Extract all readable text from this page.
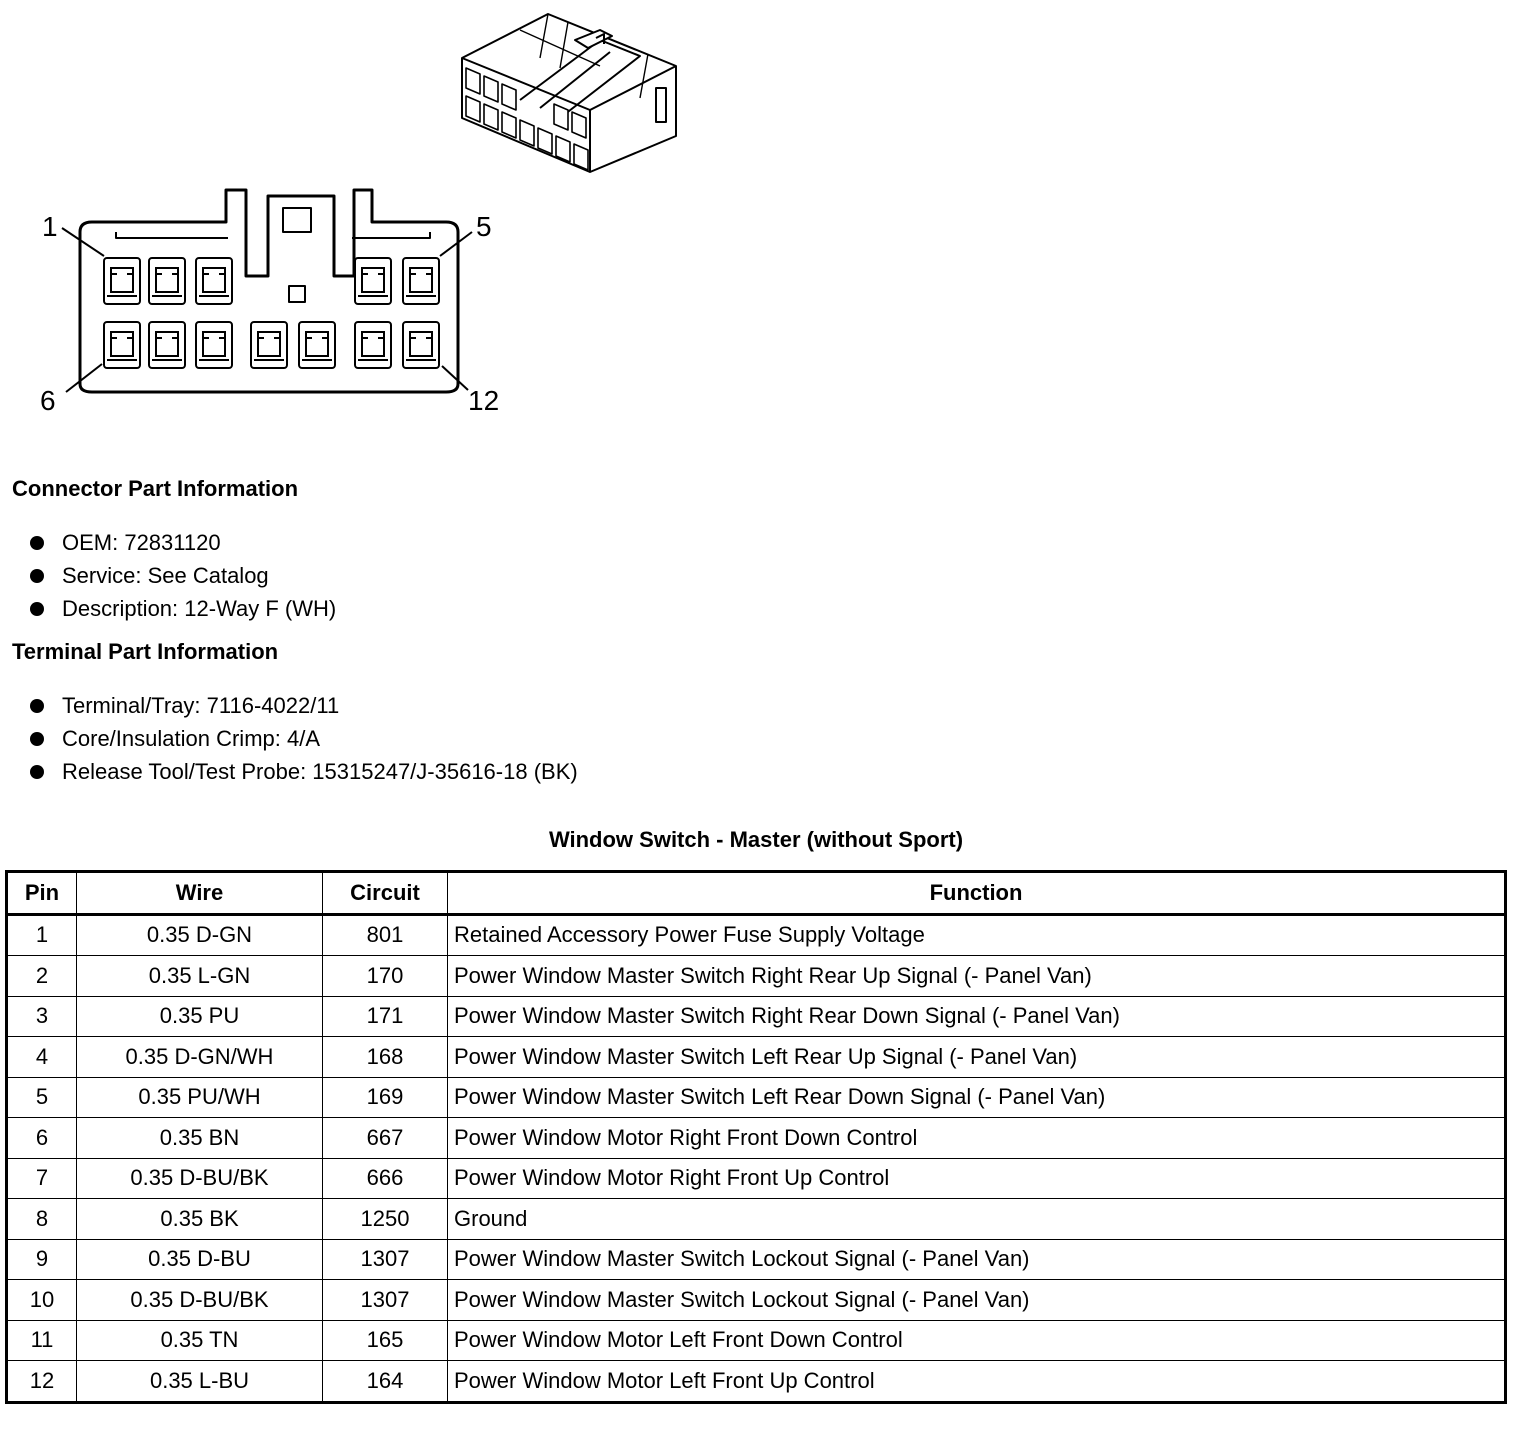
1	5
6	12
Connector Part Information
OEM: 72831120
Service: See Catalog
Description: 12-Way F (WH)
Terminal Part Information
Terminal/Tray: 7116-4022/11
Core/Insulation Crimp: 4/A
Release Tool/Test Probe: 15315247/J-35616-18 (BK)
Window Switch - Master (without Sport)
Pin	Wire	Circuit	Function
1	0.35 D-GN	801	Retained Accessory Power Fuse Supply Voltage
2	0.35 L-GN	170	Power Window Master Switch Right Rear Up Signal (- Panel Van)
3	0.35 PU	171	Power Window Master Switch Right Rear Down Signal (- Panel Van)
4	0.35 D-GN/WH	168	Power Window Master Switch Left Rear Up Signal (- Panel Van)
5	0.35 PU/WH	169	Power Window Master Switch Left Rear Down Signal (- Panel Van)
6	0.35 BN	667	Power Window Motor Right Front Down Control
7	0.35 D-BU/BK	666	Power Window Motor Right Front Up Control
8	0.35 BK	1250	Ground
9	0.35 D-BU	1307	Power Window Master Switch Lockout Signal (- Panel Van)
10	0.35 D-BU/BK	1307	Power Window Master Switch Lockout Signal (- Panel Van)
11	0.35 TN	165	Power Window Motor Left Front Down Control
12	0.35 L-BU	164	Power Window Motor Left Front Up Control
